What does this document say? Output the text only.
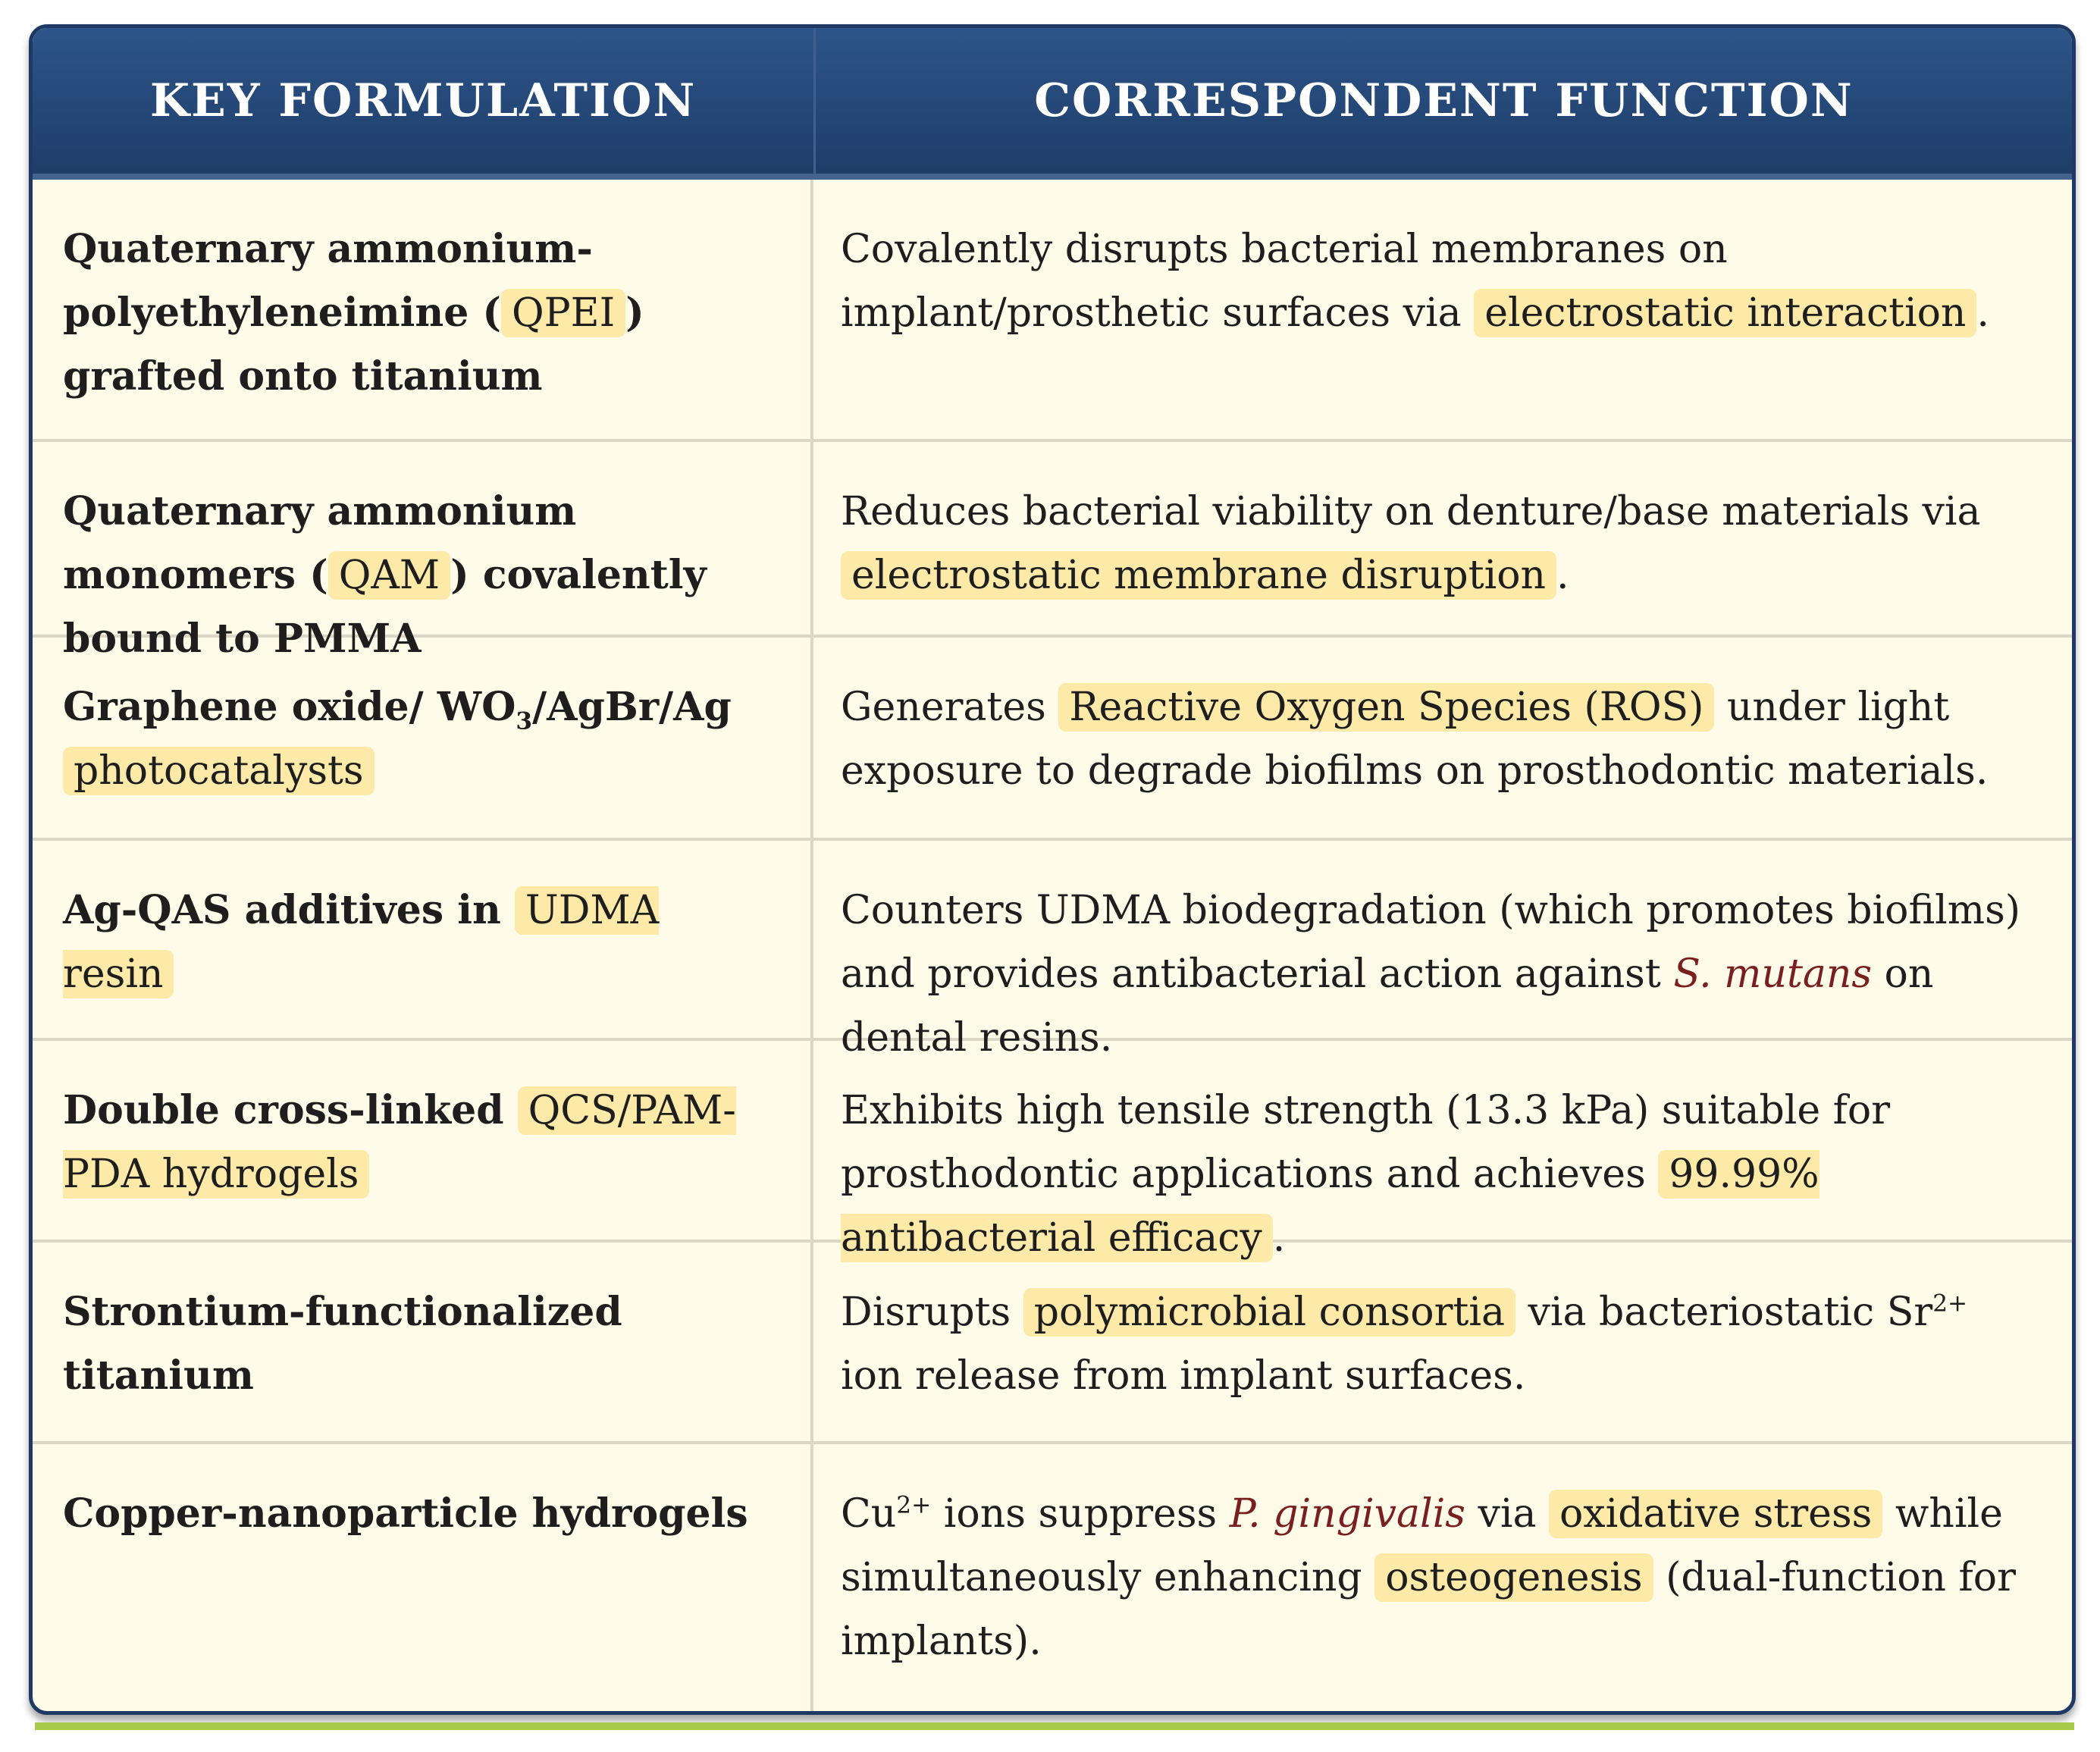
KEY FORMULATION	CORRESPONDENT FUNCTION
Quaternary ammonium-polyethyleneimine ( QPEI ) grafted onto titanium
Covalently disrupts bacterial membranes on implant/prosthetic surfaces via electrostatic interaction .
Quaternary ammonium monomers ( QAM ) covalently bound to PMMA
Reduces bacterial viability on denture/base materials via electrostatic membrane disruption .
Graphene oxide/ $WO_3/AgBr/Ag$ photocatalysts
Generates Reactive Oxygen Species (ROS) under light exposure to degrade biofilms on prosthodontic materials.
Ag-QAS additives in UDMA resin
Counters UDMA biodegradation (which promotes biofilms) and provides antibacterial action against S. mutans on dental resins.
Double cross-linked QCS/PAM-PDA hydrogels
Exhibits high tensile strength (13.3 kPa) suitable for prosthodontic applications and achieves 99.99% antibacterial efficacy .
Strontium-functionalized titanium
Disrupts polymicrobial consortia via bacteriostatic $Sr^{2+}$ ion release from implant surfaces.
Copper-nanoparticle hydrogels	$Cu^{2+}$ ions suppress P. gingivalis via oxidative stress while simultaneously enhancing osteogenesis (dual-function for implants).
